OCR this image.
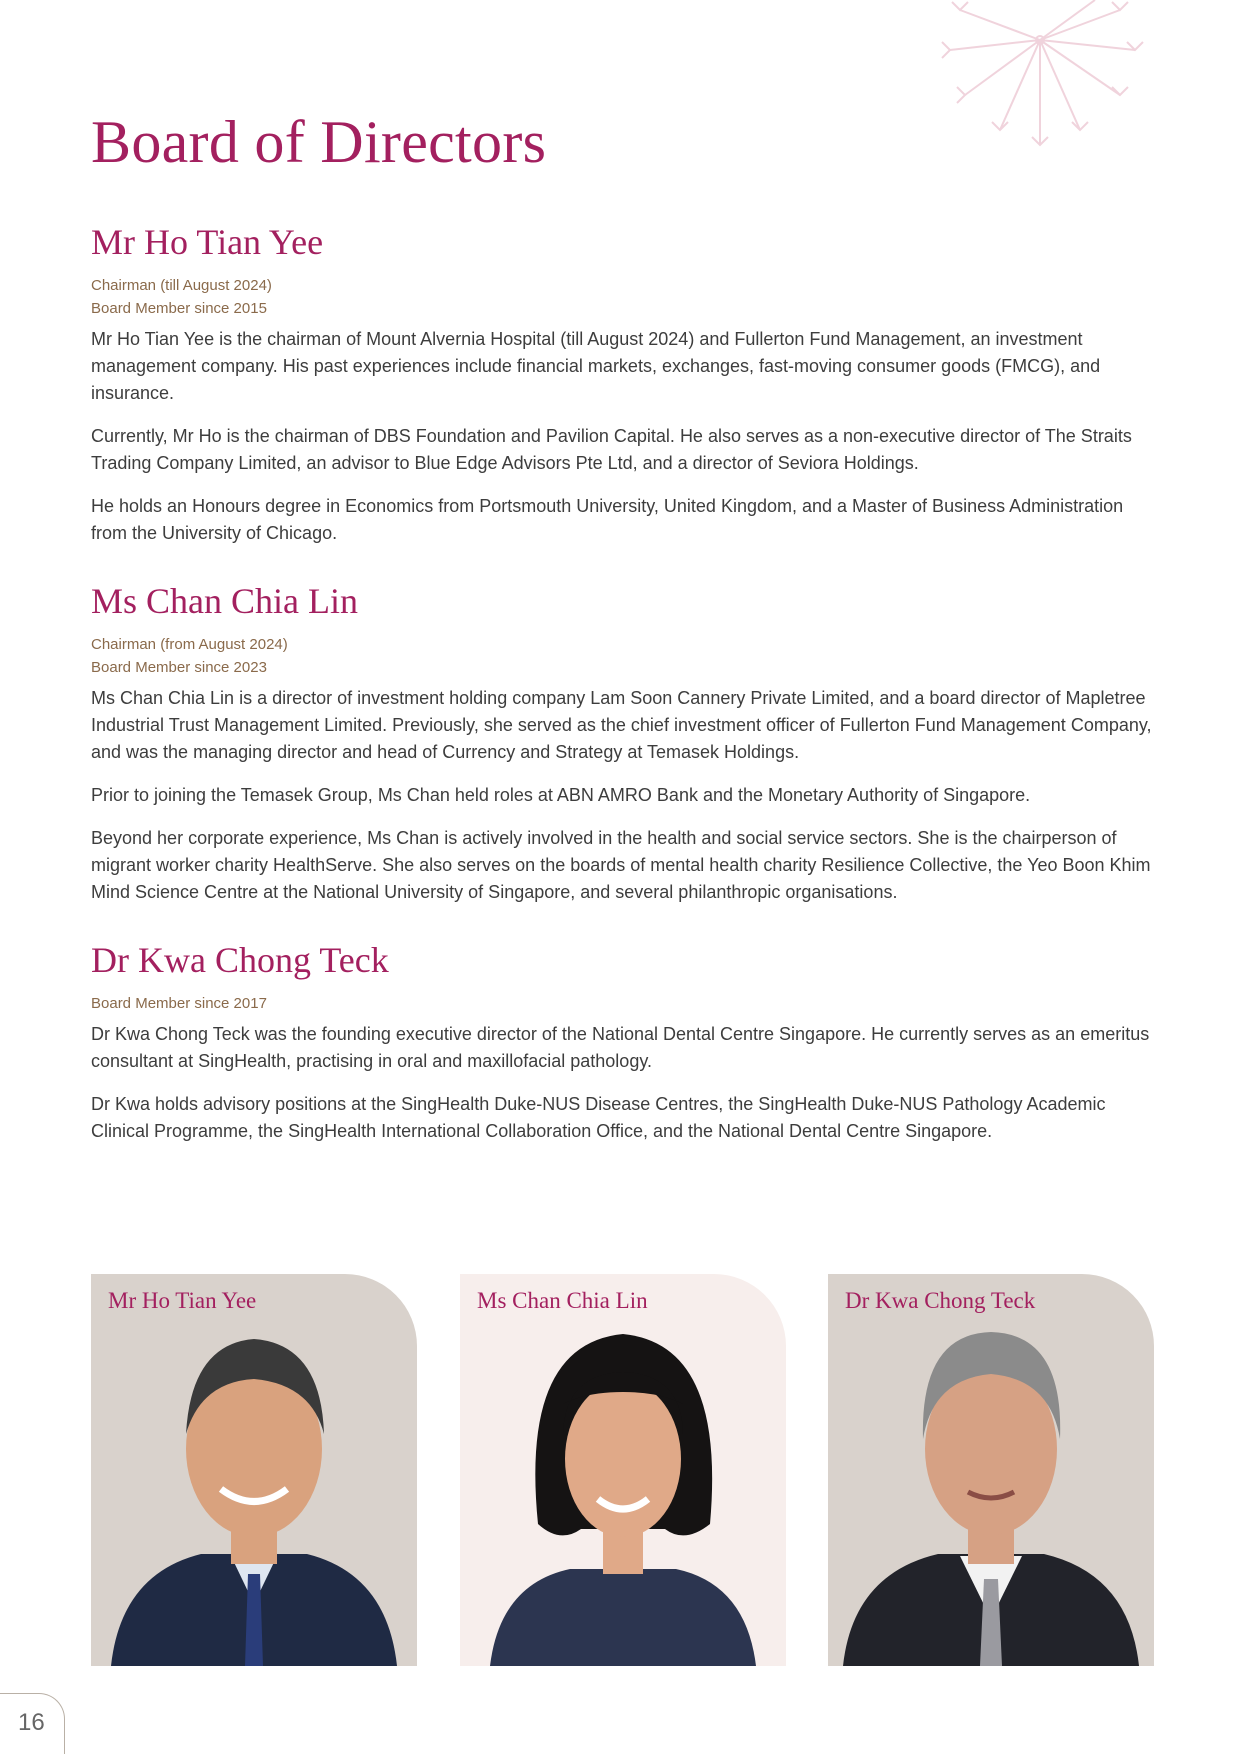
Board of Directors
Mr Ho Tian Yee
Chairman (till August 2024)
Board Member since 2015

Mr Ho Tian Yee is the chairman of Mount Alvernia Hospital (till August 2024) and Fullerton Fund Management, an investment management company. His past experiences include financial markets, exchanges, fast-moving consumer goods (FMCG), and insurance.

Currently, Mr Ho is the chairman of DBS Foundation and Pavilion Capital. He also serves as a non-executive director of The Straits Trading Company Limited, an advisor to Blue Edge Advisors Pte Ltd, and a director of Seviora Holdings.

He holds an Honours degree in Economics from Portsmouth University, United Kingdom, and a Master of Business Administration from the University of Chicago.

Ms Chan Chia Lin
Chairman (from August 2024)
Board Member since 2023

Ms Chan Chia Lin is a director of investment holding company Lam Soon Cannery Private Limited, and a board director of Mapletree Industrial Trust Management Limited. Previously, she served as the chief investment officer of Fullerton Fund Management Company, and was the managing director and head of Currency and Strategy at Temasek Holdings.

Prior to joining the Temasek Group, Ms Chan held roles at ABN AMRO Bank and the Monetary Authority of Singapore.

Beyond her corporate experience, Ms Chan is actively involved in the health and social service sectors. She is the chairperson of migrant worker charity HealthServe. She also serves on the boards of mental health charity Resilience Collective, the Yeo Boon Khim Mind Science Centre at the National University of Singapore, and several philanthropic organisations.

Dr Kwa Chong Teck
Board Member since 2017

Dr Kwa Chong Teck was the founding executive director of the National Dental Centre Singapore. He currently serves as an emeritus consultant at SingHealth, practising in oral and maxillofacial pathology.

Dr Kwa holds advisory positions at the SingHealth Duke-NUS Disease Centres, the SingHealth Duke-NUS Pathology Academic Clinical Programme, the SingHealth International Collaboration Office, and the National Dental Centre Singapore.

Mr Ho Tian Yee	Ms Chan Chia Lin	Dr Kwa Chong Teck
16
